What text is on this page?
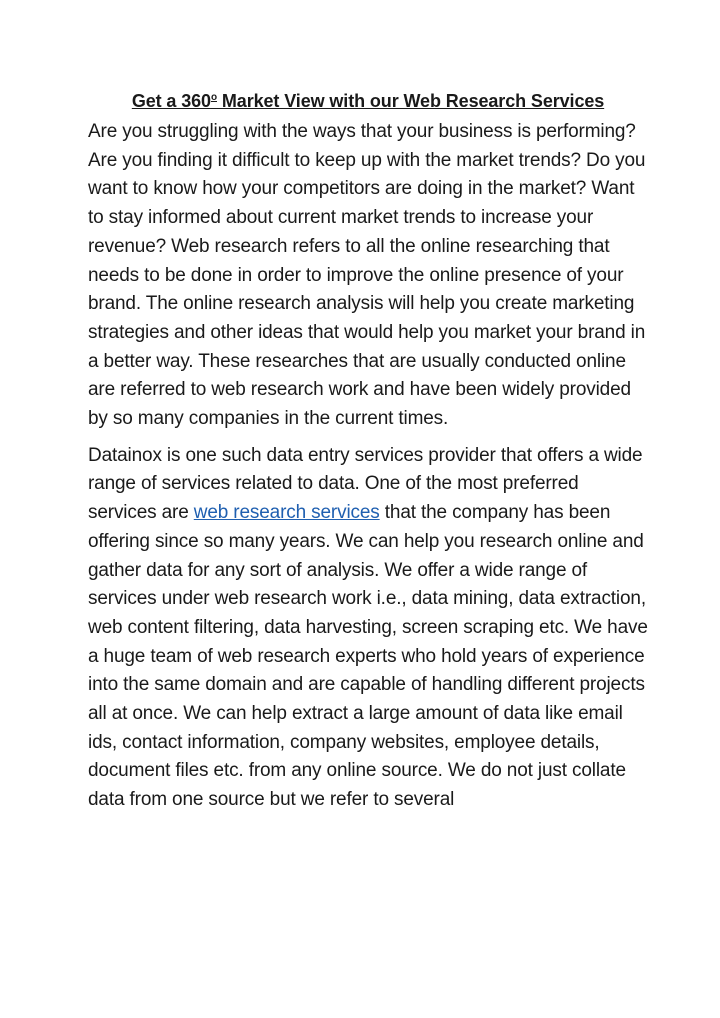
Get a 360$^o$ Market View with our Web Research Services

Are you struggling with the ways that your business is performing? Are you finding it difficult to keep up with the market trends? Do you want to know how your competitors are doing in the market? Want to stay informed about current market trends to increase your revenue? Web research refers to all the online researching that needs to be done in order to improve the online presence of your brand. The online research analysis will help you create marketing strategies and other ideas that would help you market your brand in a better way. These researches that are usually conducted online are referred to web research work and have been widely provided by so many companies in the current times.

Datainox is one such data entry services provider that offers a wide range of services related to data. One of the most preferred services are web research services that the company has been offering since so many years. We can help you research online and gather data for any sort of analysis. We offer a wide range of services under web research work i.e., data mining, data extraction, web content filtering, data harvesting, screen scraping etc. We have a huge team of web research experts who hold years of experience into the same domain and are capable of handling different projects all at once. We can help extract a large amount of data like email ids, contact information, company websites, employee details, document files etc. from any online source. We do not just collate data from one source but we refer to several
